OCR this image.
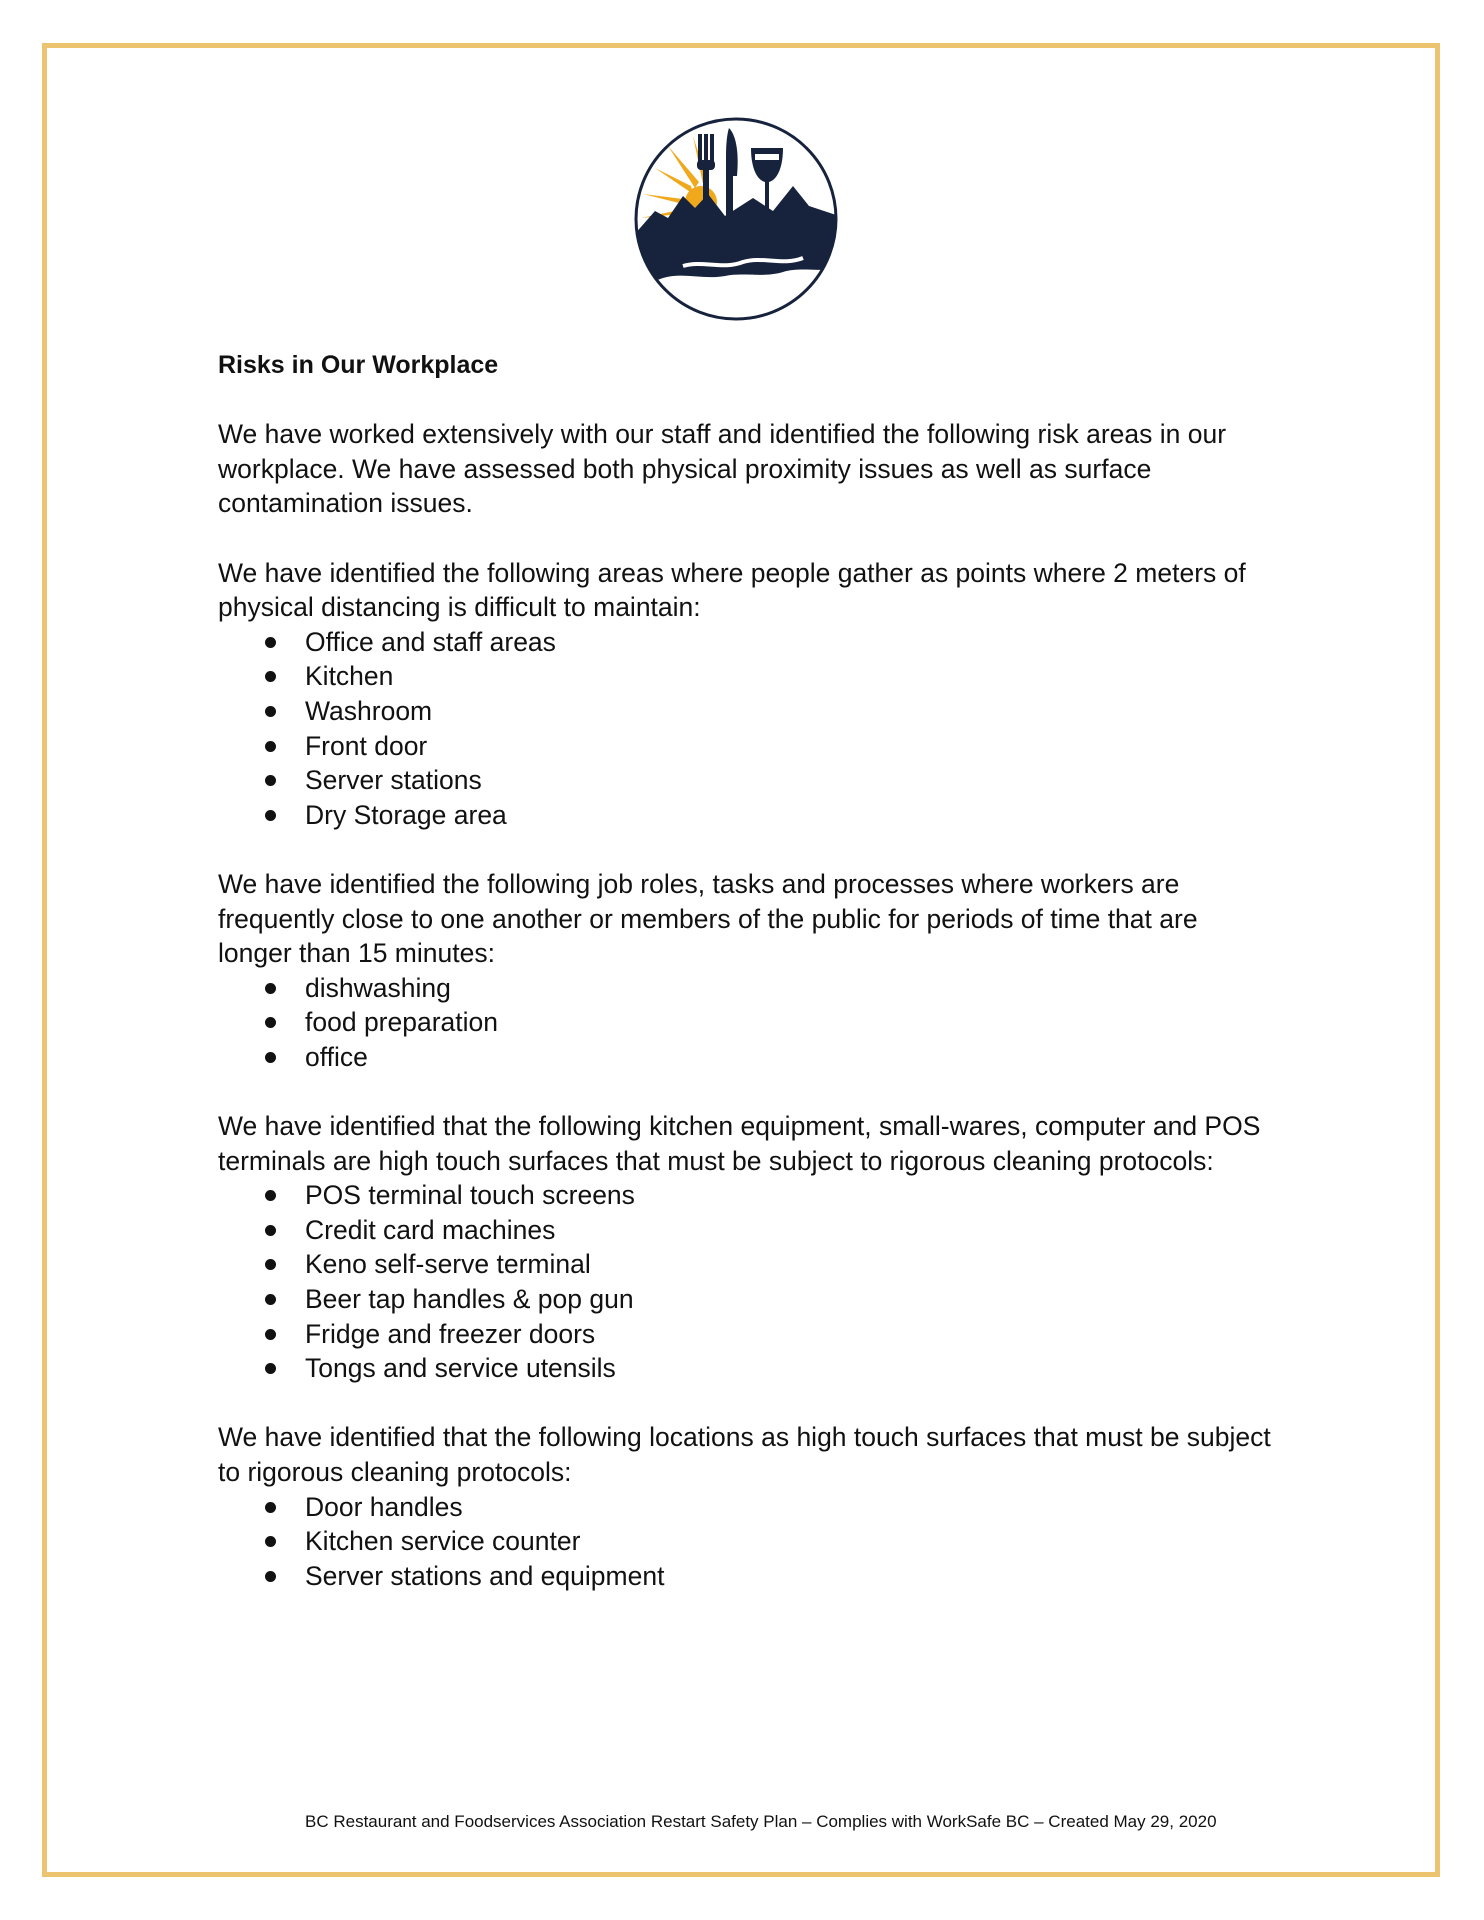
Risks in Our Workplace

We have worked extensively with our staff and identified the following risk areas in our workplace. We have assessed both physical proximity issues as well as surface contamination issues.

We have identified the following areas where people gather as points where 2 meters of physical distancing is difficult to maintain:

Office and staff areas
Kitchen
Washroom
Front door
Server stations
Dry Storage area

We have identified the following job roles, tasks and processes where workers are frequently close to one another or members of the public for periods of time that are longer than 15 minutes:

dishwashing
food preparation
office

We have identified that the following kitchen equipment, small-wares, computer and POS terminals are high touch surfaces that must be subject to rigorous cleaning protocols:

POS terminal touch screens
Credit card machines
Keno self-serve terminal
Beer tap handles & pop gun
Fridge and freezer doors
Tongs and service utensils

We have identified that the following locations as high touch surfaces that must be subject to rigorous cleaning protocols:

Door handles
Kitchen service counter
Server stations and equipment
BC Restaurant and Foodservices Association Restart Safety Plan – Complies with WorkSafe BC – Created May 29, 2020
